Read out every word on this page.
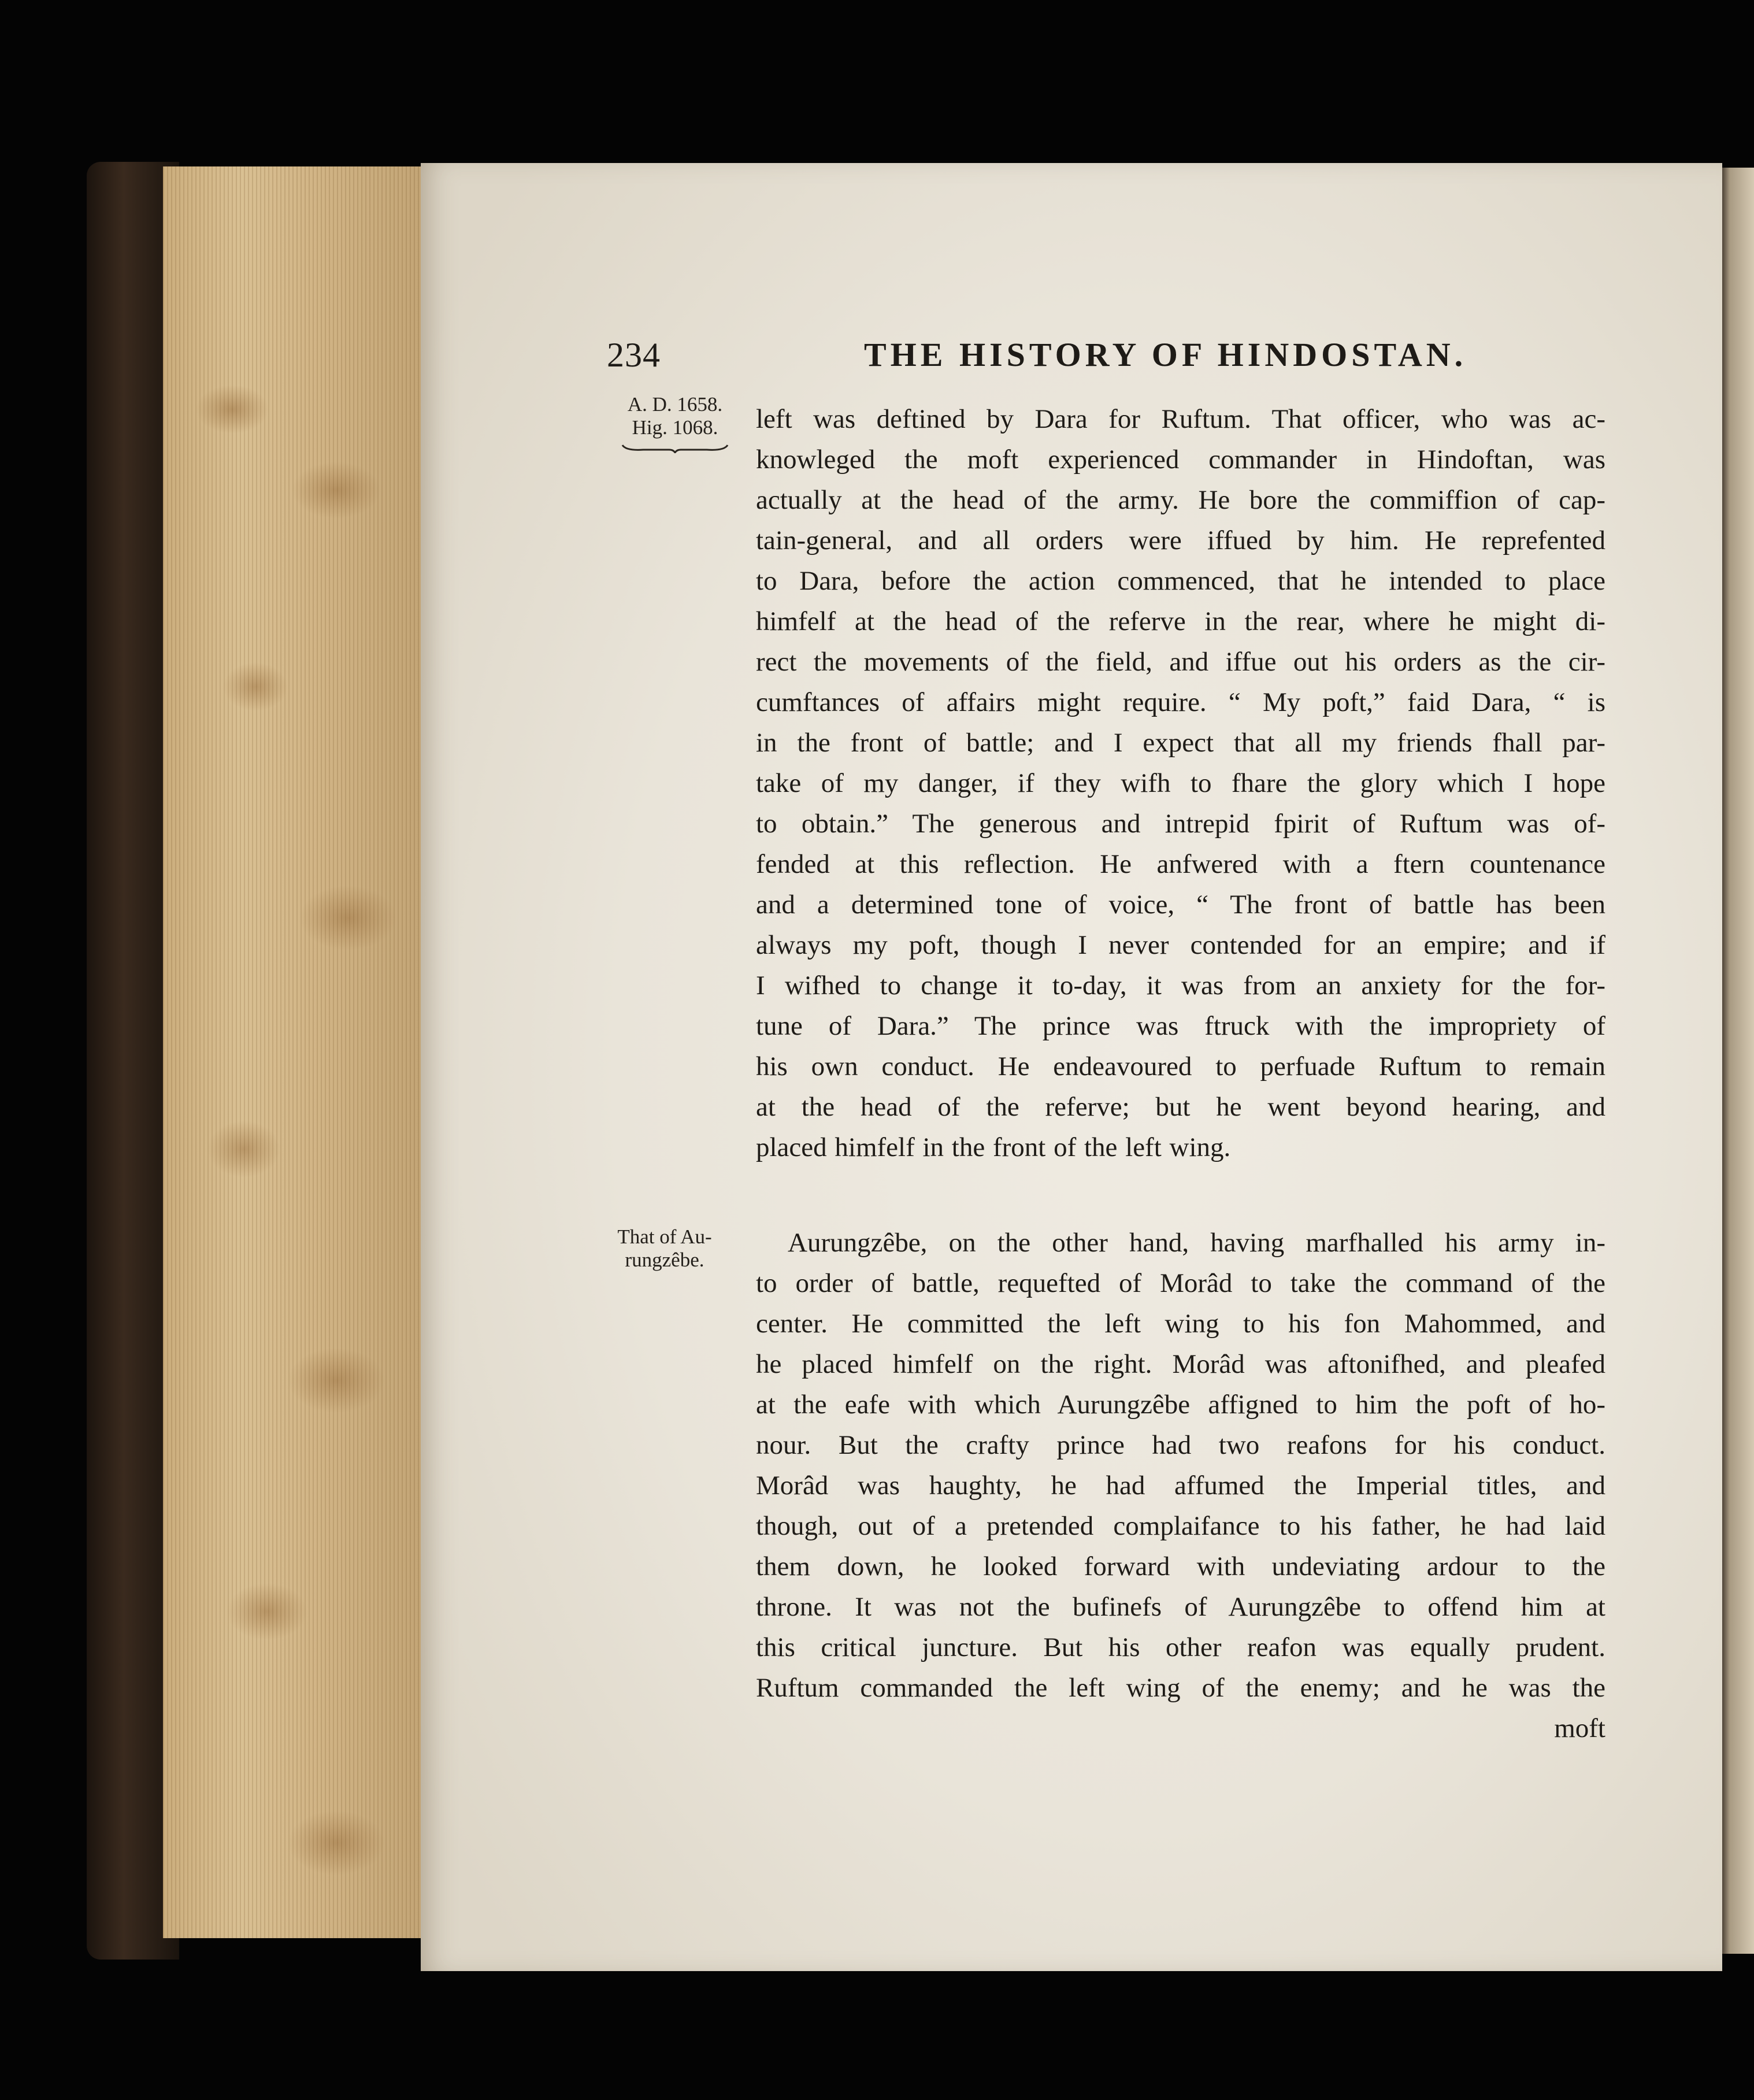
234	THE HISTORY OF HINDOSTAN.
A. D. 1658.
Hig. 1068.
That of Au-
rungzêbe.
left was deftined by Dara for Ruftum. That officer, who was ac-
knowleged the moft experienced commander in Hindoftan, was
actually at the head of the army. He bore the commiffion of cap-
tain-general, and all orders were iffued by him. He reprefented
to Dara, before the action commenced, that he intended to place
himfelf at the head of the referve in the rear, where he might di-
rect the movements of the field, and iffue out his orders as the cir-
cumftances of affairs might require. “ My poft,” faid Dara, “ is
in the front of battle; and I expect that all my friends fhall par-
take of my danger, if they wifh to fhare the glory which I hope
to obtain.” The generous and intrepid fpirit of Ruftum was of-
fended at this reflection. He anfwered with a ftern countenance
and a determined tone of voice, “ The front of battle has been
always my poft, though I never contended for an empire; and if
I wifhed to change it to-day, it was from an anxiety for the for-
tune of Dara.” The prince was ftruck with the impropriety of
his own conduct. He endeavoured to perfuade Ruftum to remain
at the head of the referve; but he went beyond hearing, and
placed himfelf in the front of the left wing.
Aurungzêbe, on the other hand, having marfhalled his army in-
to order of battle, requefted of Morâd to take the command of the
center. He committed the left wing to his fon Mahommed, and
he placed himfelf on the right. Morâd was aftonifhed, and pleafed
at the eafe with which Aurungzêbe affigned to him the poft of ho-
nour. But the crafty prince had two reafons for his conduct.
Morâd was haughty, he had affumed the Imperial titles, and
though, out of a pretended complaifance to his father, he had laid
them down, he looked forward with undeviating ardour to the
throne. It was not the bufinefs of Aurungzêbe to offend him at
this critical juncture. But his other reafon was equally prudent.
Ruftum commanded the left wing of the enemy; and he was the
moft
